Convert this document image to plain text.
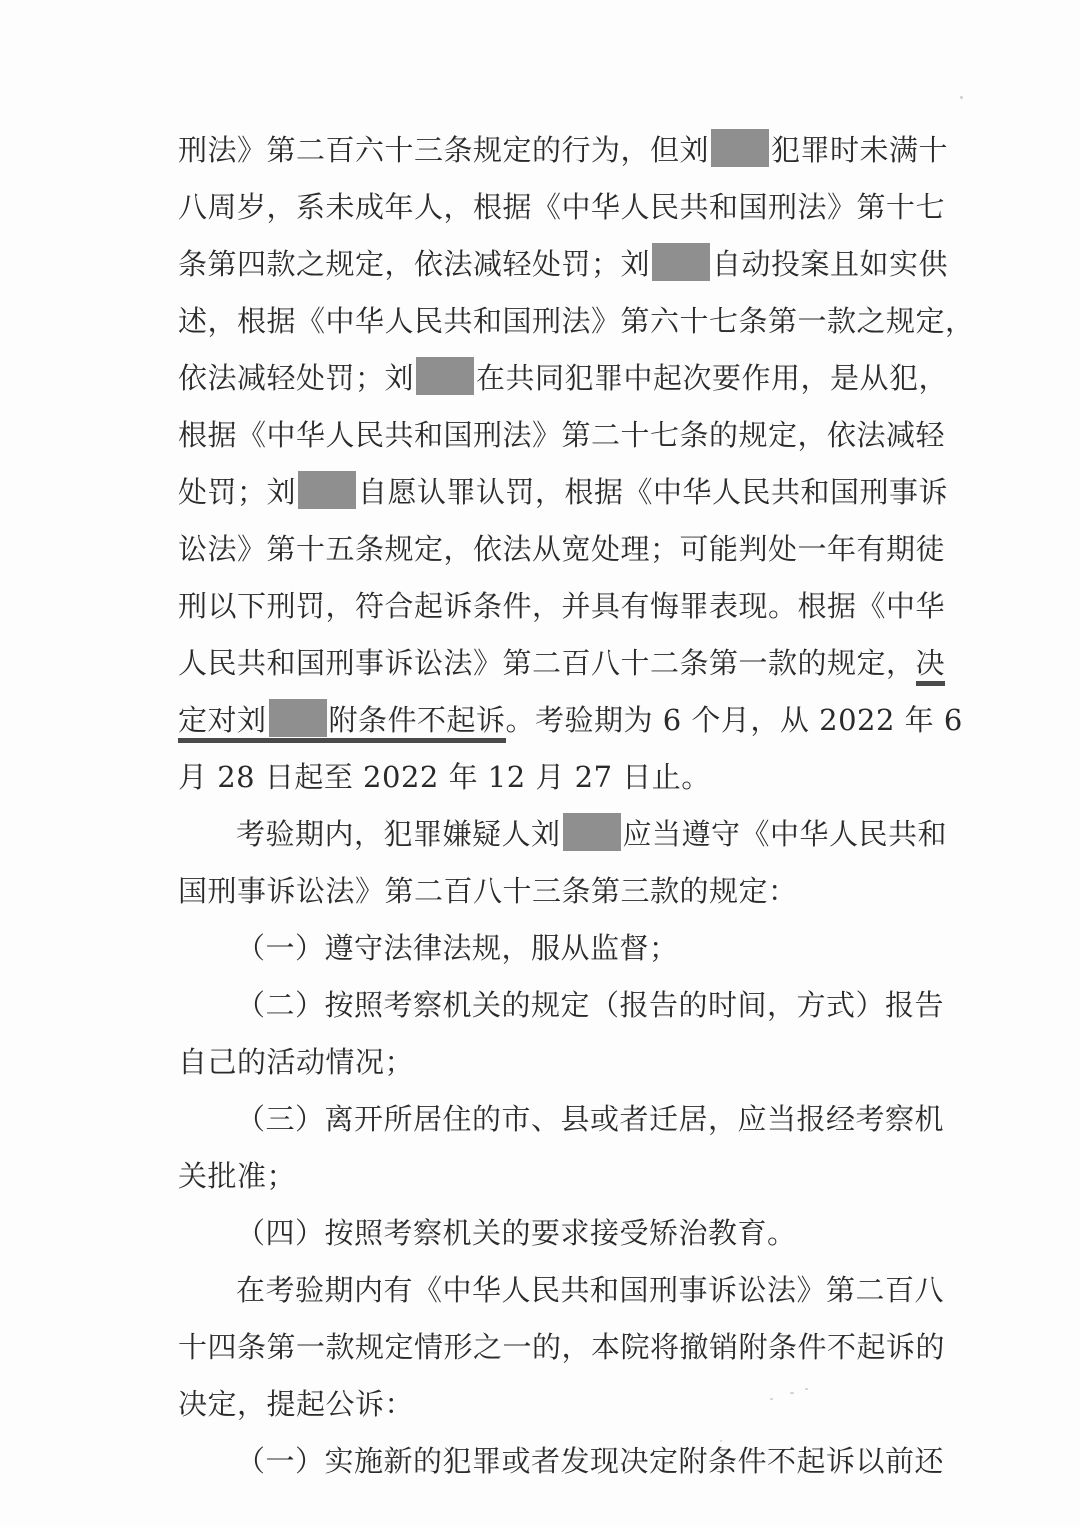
刑法》第二百六十三条规定的行为，但刘 犯罪时未满十
八周岁，系未成年人，根据《中华人民共和国刑法》第十七
条第四款之规定，依法减轻处罚；刘 自动投案且如实供
述，根据《中华人民共和国刑法》第六十七条第一款之规定，
依法减轻处罚；刘 在共同犯罪中起次要作用，是从犯，
根据《中华人民共和国刑法》第二十七条的规定，依法减轻
处罚；刘 自愿认罪认罚，根据《中华人民共和国刑事诉
讼法》第十五条规定，依法从宽处理；可能判处一年有期徒
刑以下刑罚，符合起诉条件，并具有悔罪表现。根据《中华
人民共和国刑事诉讼法》第二百八十二条第一款的规定，决
定对刘 附条件不起诉。考验期为 6 个月，从 2022 年 6
月 28 日起至 2022 年 12 月 27 日止。
考验期内，犯罪嫌疑人刘 应当遵守《中华人民共和
国刑事诉讼法》第二百八十三条第三款的规定：
（一）遵守法律法规，服从监督；
（二）按照考察机关的规定（报告的时间，方式）报告
自己的活动情况；
（三）离开所居住的市、县或者迁居，应当报经考察机
关批准；
（四）按照考察机关的要求接受矫治教育。
在考验期内有《中华人民共和国刑事诉讼法》第二百八
十四条第一款规定情形之一的，本院将撤销附条件不起诉的
决定，提起公诉：
（一）实施新的犯罪或者发现决定附条件不起诉以前还
